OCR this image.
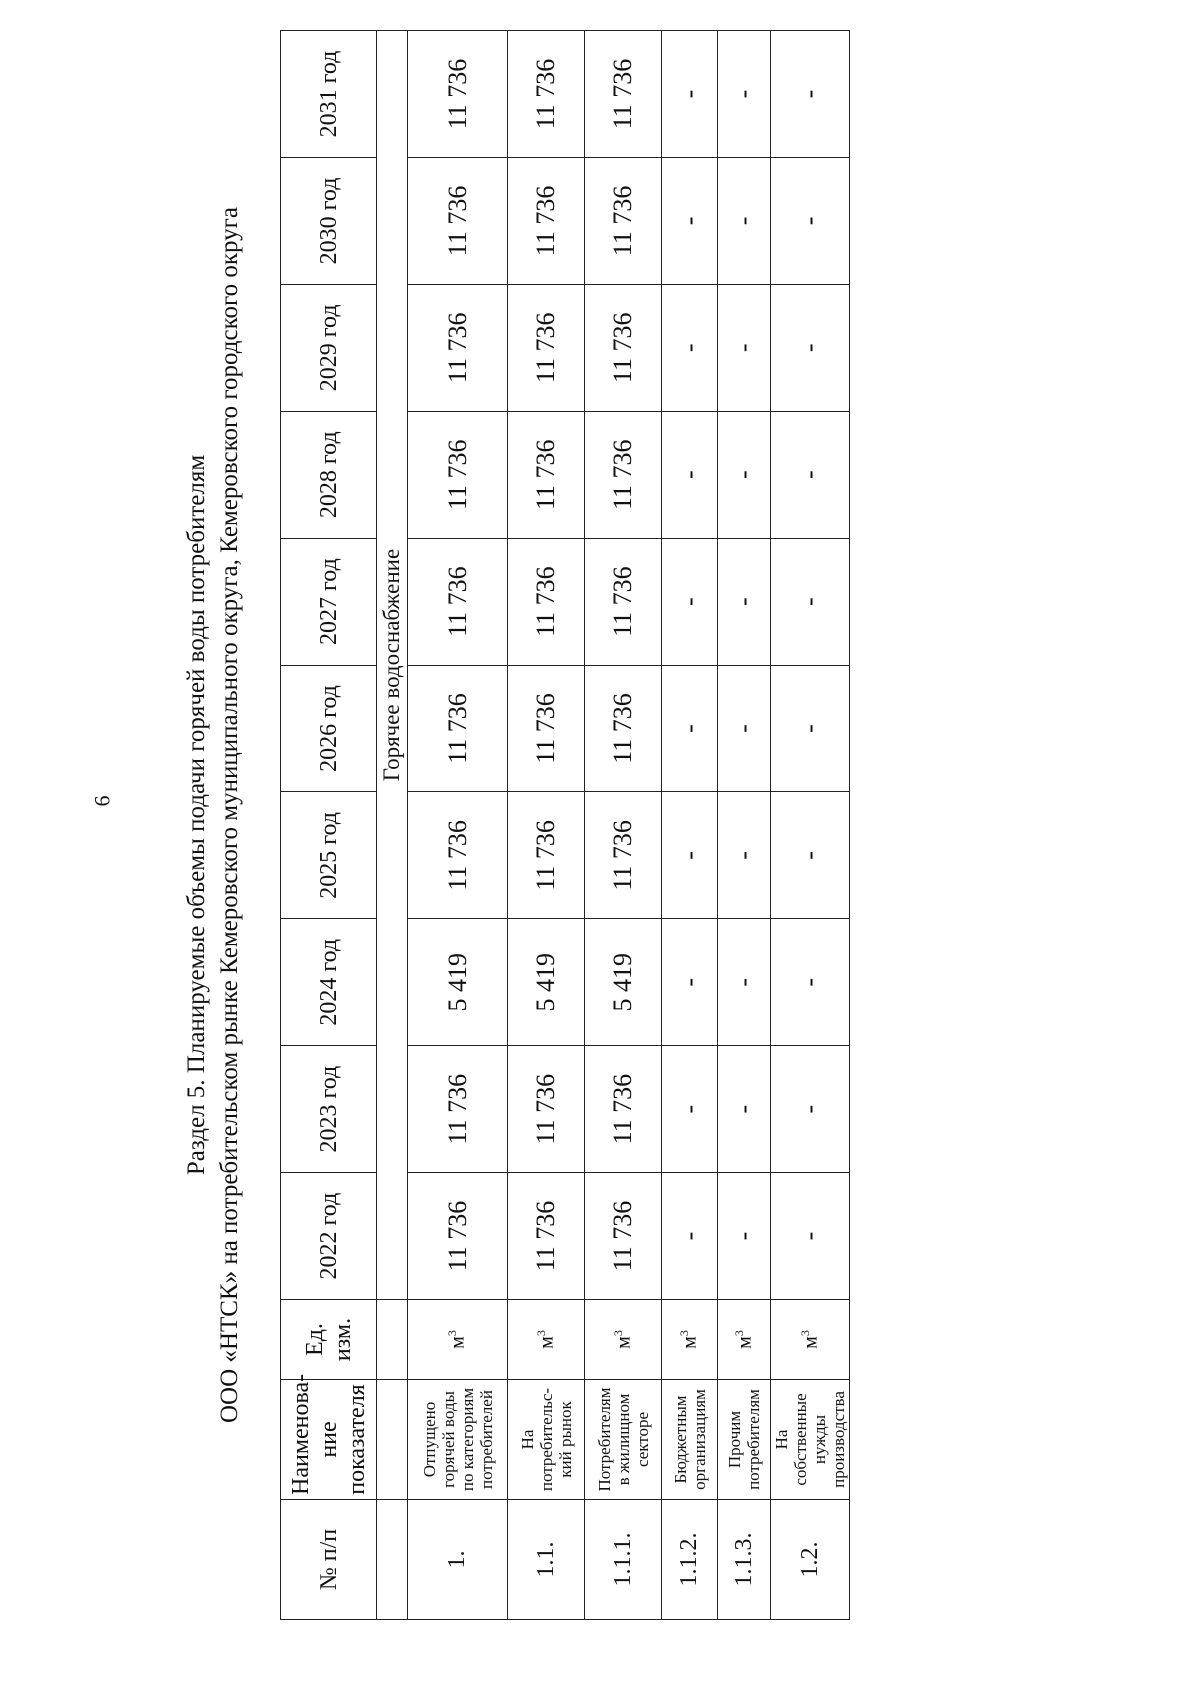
6	Раздел 5. Планируемые объемы подачи горячей воды потребителям ООО «НТСК» на потребительском рынке Кемеровского муниципального округа, Кемеровского городского округа
№ п/п	Наименова-ние показателя	Ед. изм.	2022 год	2023 год	2024 год	2025 год	2026 год	2027 год	2028 год	2029 год	2030 год	2031 год
			Горячее водоснабжение									
1.	Отпущено горячей воды по категориям потребителей	$м^3$	11 736	11 736	5 419	11 736	11 736	11 736	11 736	11 736	11 736	11 736
1.1.	На потребительс-кий рынок	$м^3$	11 736	11 736	5 419	11 736	11 736	11 736	11 736	11 736	11 736	11 736
1.1.1.	Потребителям в жилищном секторе	$м^3$	11 736	11 736	5 419	11 736	11 736	11 736	11 736	11 736	11 736	11 736
1.1.2.	Бюджетным организациям	$м^3$	-	-	-	-	-	-	-	-	-	-
1.1.3.	Прочим потребителям	$м^3$	-	-	-	-	-	-	-	-	-	-
1.2.	На собственные нужды производства	$м^3$	-	-	-	-	-	-	-	-	-	-
